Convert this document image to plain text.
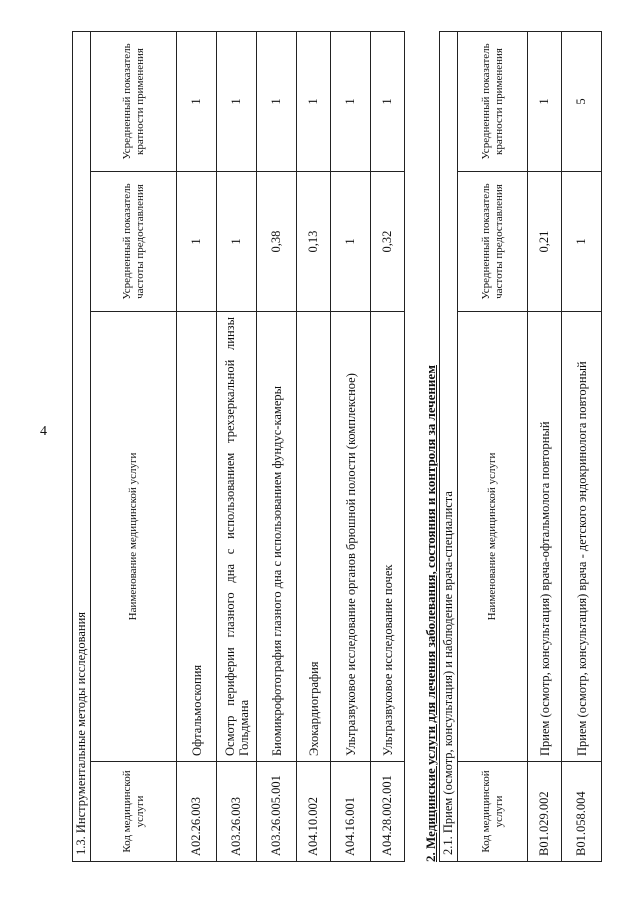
4
1.3. Инструментальные методы исследования			
Код медицинской услуги	Наименование медицинской услуги	Усредненный показатель частоты предоставления	Усредненный показатель кратности применения
A02.26.003	Офтальмоскопия	1	1
A03.26.003	Осмотр периферии глазного дна с использованием трехзеркальной линзы Гольдмана	1	1
A03.26.005.001	Биомикрофотография глазного дна с использованием фундус-камеры	0,38	1
A04.10.002	Эхокардиография	0,13	1
A04.16.001	Ультразвуковое исследование органов брюшной полости (комплексное)	1	1
A04.28.002.001	Ультразвуковое исследование почек	0,32	1
2. Медицинские услуги для лечения заболевания, состояния и контроля за лечением 2.1. Прием (осмотр, консультация) и наблюдение врача-специалиста			
Код медицинской услуги	Наименование медицинской услуги	Усредненный показатель частоты предоставления	Усредненный показатель кратности применения
B01.029.002	Прием (осмотр, консультация) врача-офтальмолога повторный	0,21	1
B01.058.004	Прием (осмотр, консультация) врача - детского эндокринолога повторный	1	5
